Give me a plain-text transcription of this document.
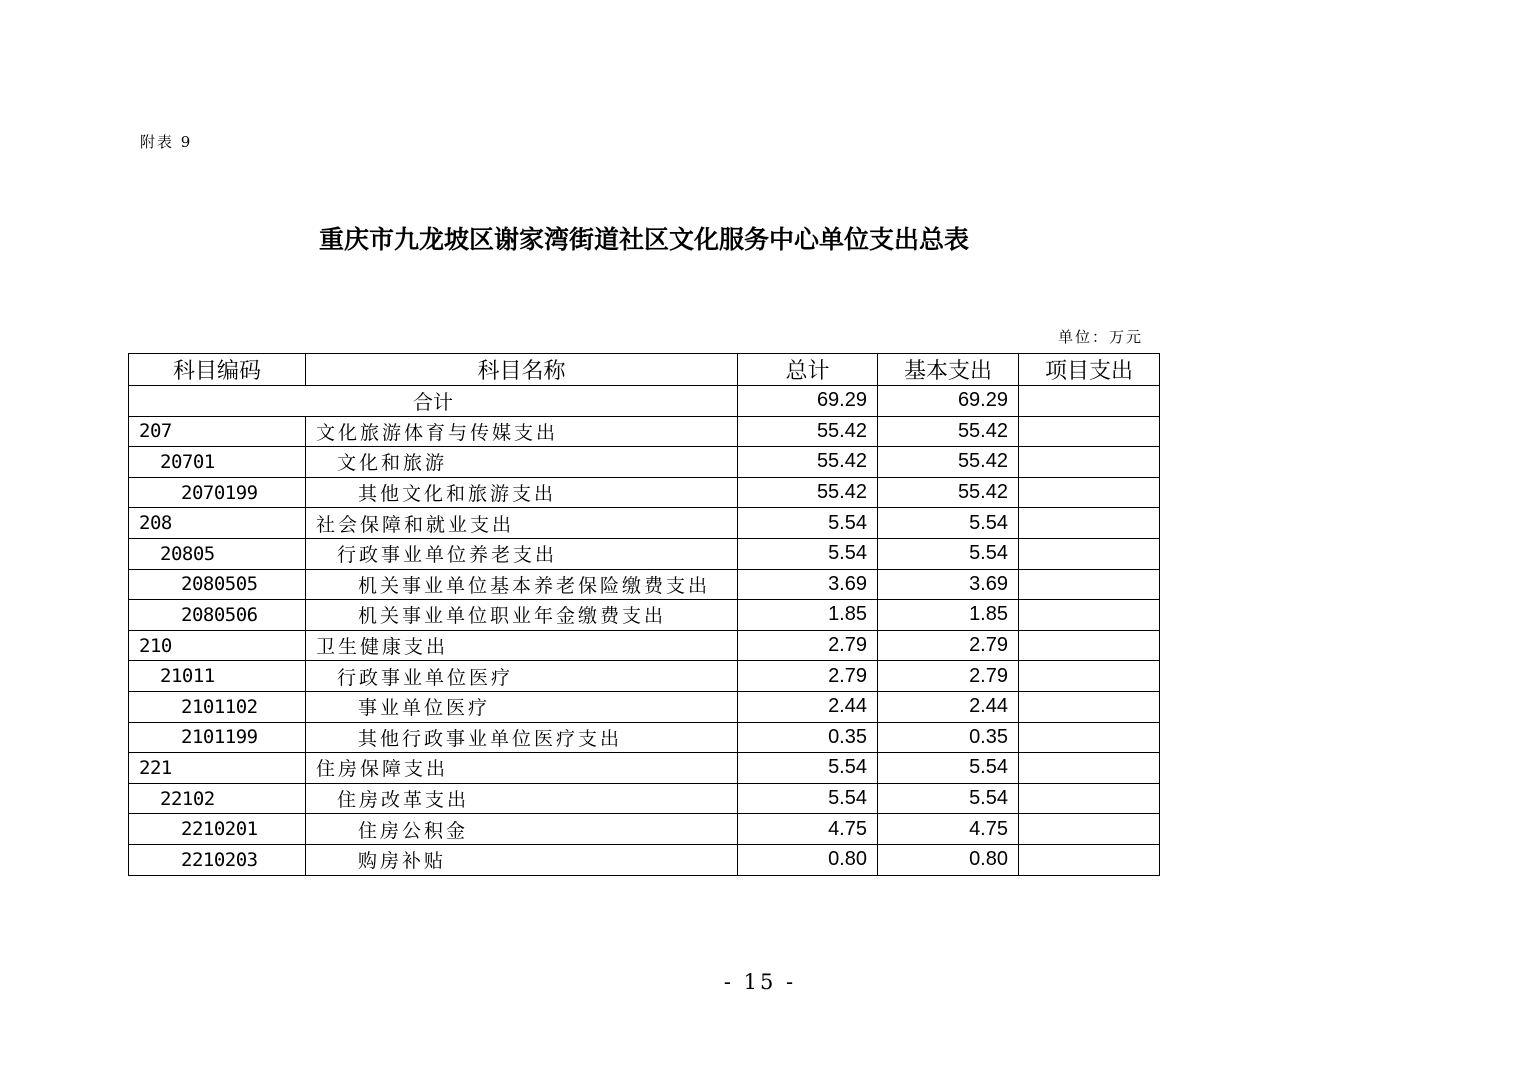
附表 9
重庆市九龙坡区谢家湾街道社区文化服务中心单位支出总表
单位：万元
科目编码	科目名称	总计	基本支出	项目支出
合计		69.29	69.29	
207	文化旅游体育与传媒支出	55.42	55.42	
20701	文化和旅游	55.42	55.42	
2070199	其他文化和旅游支出	55.42	55.42	
208	社会保障和就业支出	5.54	5.54	
20805	行政事业单位养老支出	5.54	5.54	
2080505	机关事业单位基本养老保险缴费支出	3.69	3.69	
2080506	机关事业单位职业年金缴费支出	1.85	1.85	
210	卫生健康支出	2.79	2.79	
21011	行政事业单位医疗	2.79	2.79	
2101102	事业单位医疗	2.44	2.44	
2101199	其他行政事业单位医疗支出	0.35	0.35	
221	住房保障支出	5.54	5.54	
22102	住房改革支出	5.54	5.54	
2210201	住房公积金	4.75	4.75	
2210203	购房补贴	0.80	0.80	
- 15 -
